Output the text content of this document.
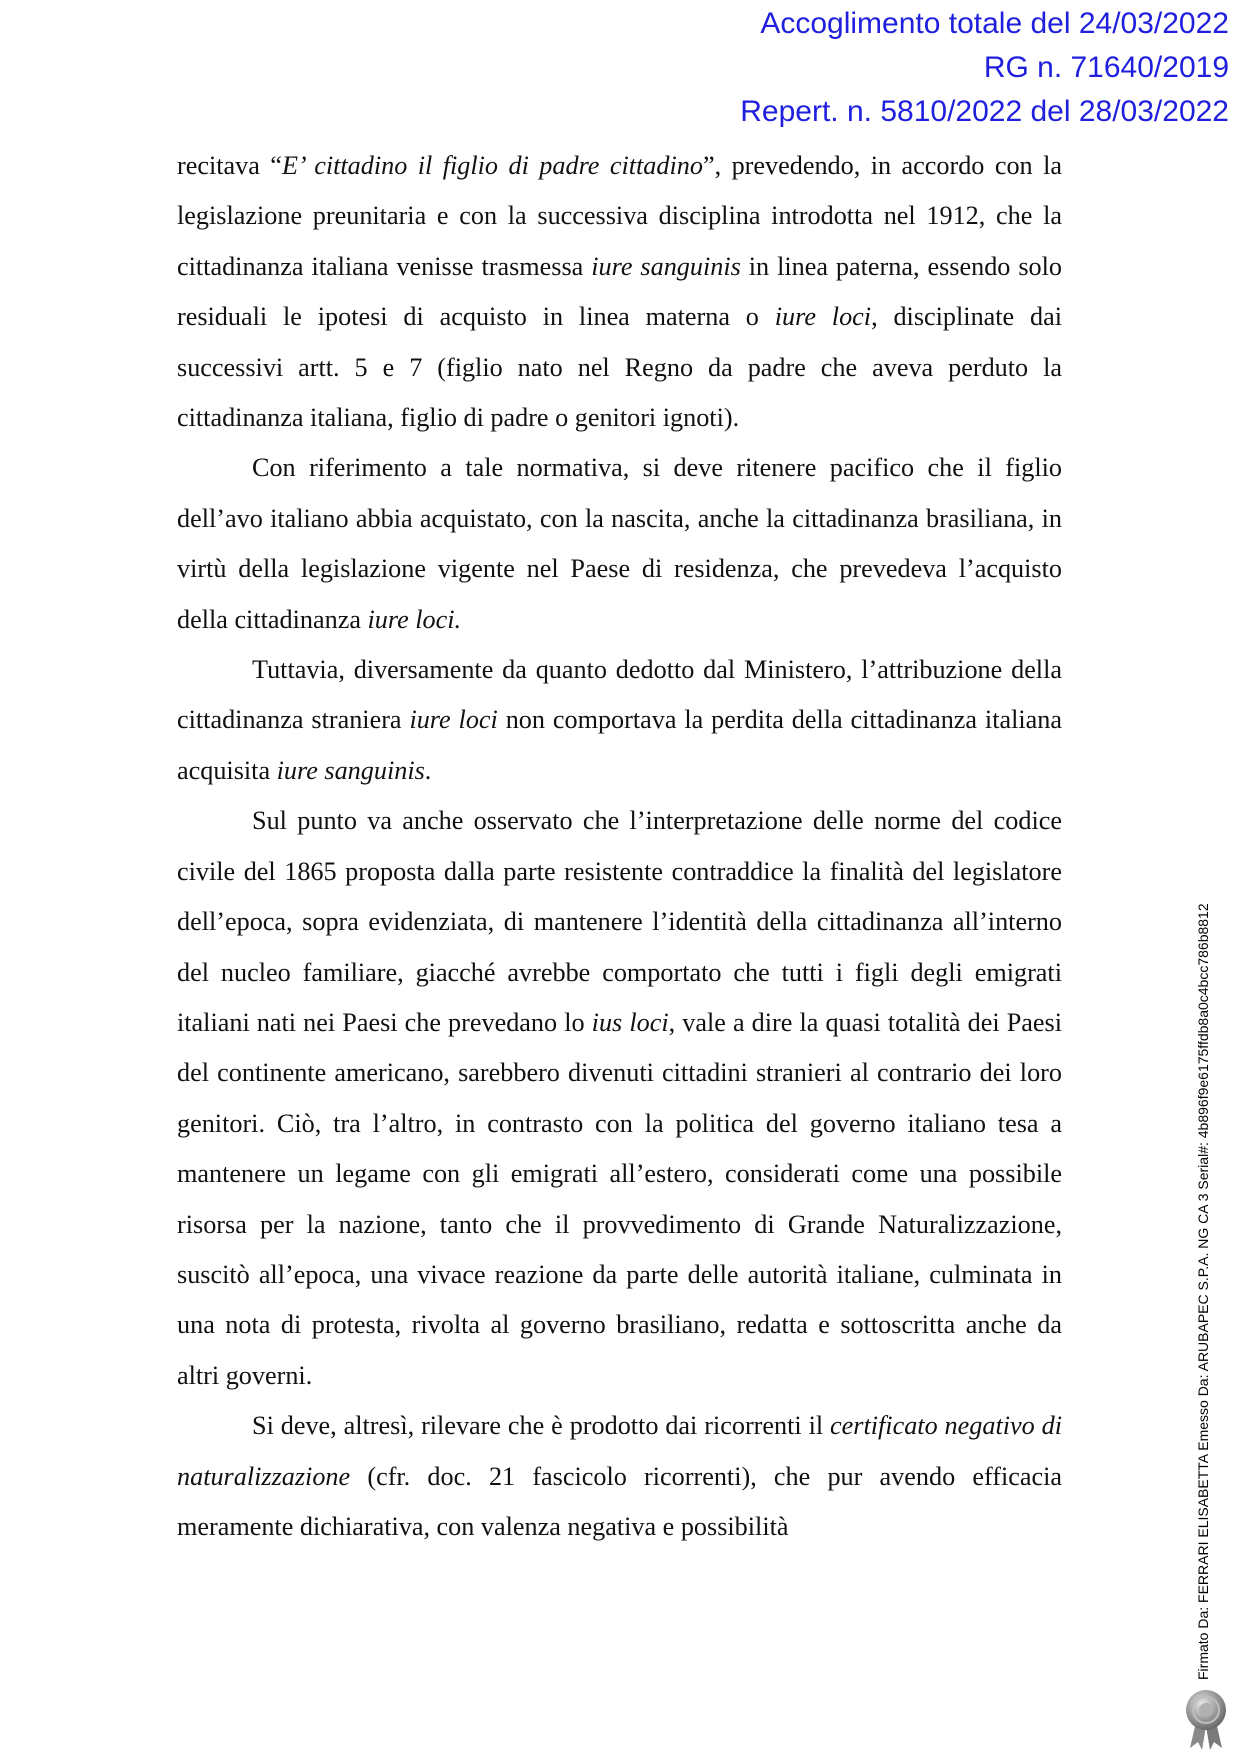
Accoglimento totale del 24/03/2022
RG n. 71640/2019
Repert. n. 5810/2022 del 28/03/2022

recitava “E’ cittadino il figlio di padre cittadino”, prevedendo, in accordo con la legislazione preunitaria e con la successiva disciplina introdotta nel 1912, che la cittadinanza italiana venisse trasmessa iure sanguinis in linea paterna, essendo solo residuali le ipotesi di acquisto in linea materna o iure loci, disciplinate dai successivi artt. 5 e 7 (figlio nato nel Regno da padre che aveva perduto la cittadinanza italiana, figlio di padre o genitori ignoti).

Con riferimento a tale normativa, si deve ritenere pacifico che il figlio dell’avo italiano abbia acquistato, con la nascita, anche la cittadinanza brasiliana, in virtù della legislazione vigente nel Paese di residenza, che prevedeva l’acquisto della cittadinanza iure loci.

Tuttavia, diversamente da quanto dedotto dal Ministero, l’attribuzione della cittadinanza straniera iure loci non comportava la perdita della cittadinanza italiana acquisita iure sanguinis.

Sul punto va anche osservato che l’interpretazione delle norme del codice civile del 1865 proposta dalla parte resistente contraddice la finalità del legislatore dell’epoca, sopra evidenziata, di mantenere l’identità della cittadinanza all’interno del nucleo familiare, giacché avrebbe comportato che tutti i figli degli emigrati italiani nati nei Paesi che prevedano lo ius loci, vale a dire la quasi totalità dei Paesi del continente americano, sarebbero divenuti cittadini stranieri al contrario dei loro genitori. Ciò, tra l’altro, in contrasto con la politica del governo italiano tesa a mantenere un legame con gli emigrati all’estero, considerati come una possibile risorsa per la nazione, tanto che il provvedimento di Grande Naturalizzazione, suscitò all’epoca, una vivace reazione da parte delle autorità italiane, culminata in una nota di protesta, rivolta al governo brasiliano, redatta e sottoscritta anche da altri governi.

Si deve, altresì, rilevare che è prodotto dai ricorrenti il certificato negativo di naturalizzazione (cfr. doc. 21 fascicolo ricorrenti), che pur avendo efficacia meramente dichiarativa, con valenza negativa e possibilità	Firmato Da: FERRARI ELISABETTA Emesso Da: ARUBAPEC S.P.A. NG CA 3 Serial#: 4b896f9e6175ffdb8a0c4bcc786b8812
